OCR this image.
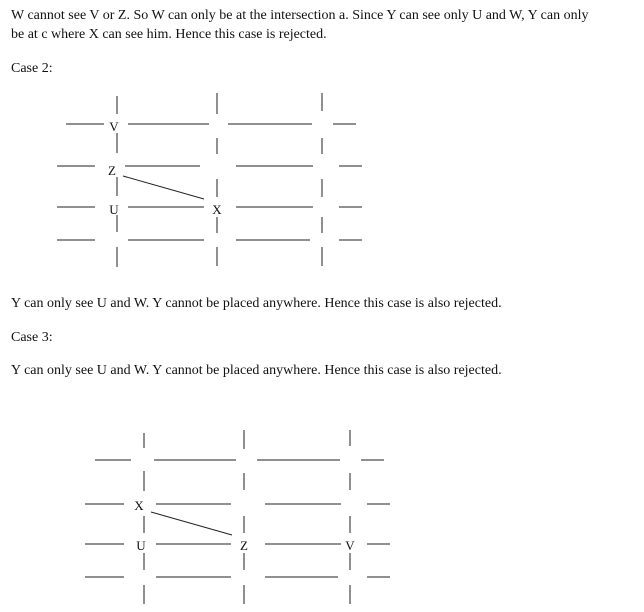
W cannot see V or Z. So W can only be at the intersection a. Since Y can see only U and W, Y can only

be at c where X can see him. Hence this case is rejected.

Case 2:

V
Z
U	X

Y can only see U and W. Y cannot be placed anywhere. Hence this case is also rejected.

Case 3:

Y can only see U and W. Y cannot be placed anywhere. Hence this case is also rejected.

X
U	Z	V
